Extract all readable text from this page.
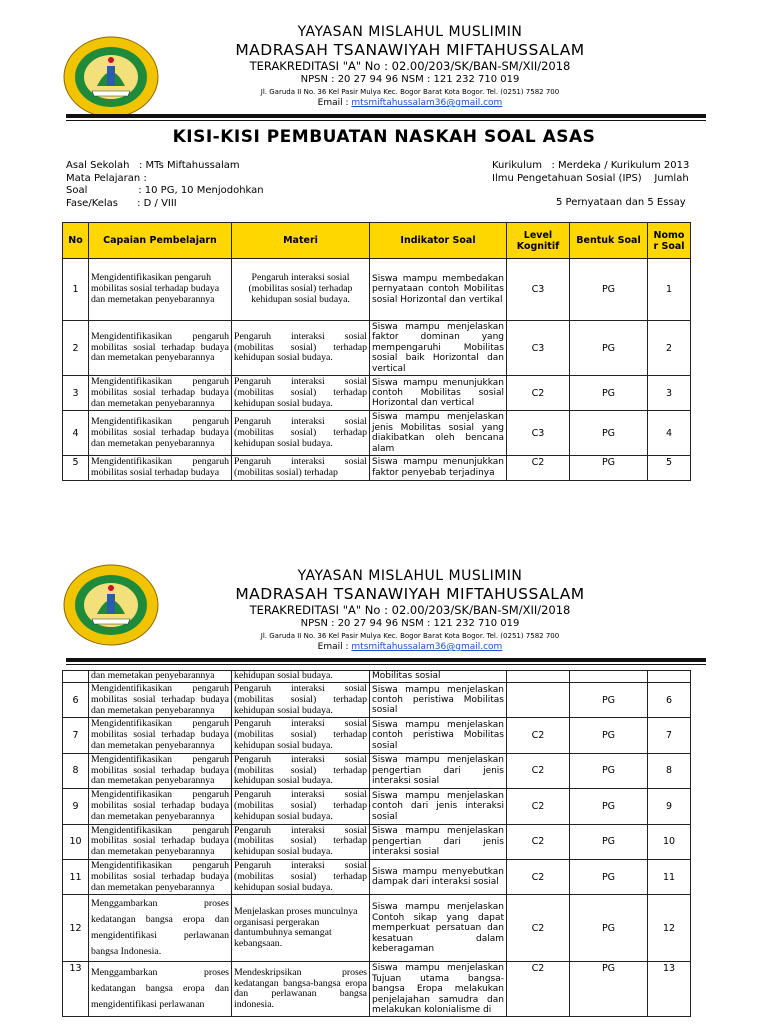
YAYASAN MISLAHUL MUSLIMIN
MADRASAH TSANAWIYAH MIFTAHUSSALAM
TERAKREDITASI "A" No : 02.00/203/SK/BAN-SM/XII/2018
NPSN : 20 27 94 96 NSM : 121 232 710 019
Jl. Garuda II No. 36 Kel Pasir Mulya Kec. Bogor Barat Kota Bogor. Tel. (0251) 7582 700
Email : mtsmiftahussalam36@gmail.com
KISI-KISI PEMBUATAN NASKAH SOAL ASAS
Asal Sekolah   : MTs Miftahussalam
Mata Pelajaran :
Soal                : 10 PG, 10 Menjodohkan
Fase/Kelas      : D / VIII
Kurikulum   : Merdeka / Kurikulum 2013
Ilmu Pengetahuan Sosial (IPS)    Jumlah
5 Pernyataan dan 5 Essay
No	Capaian Pembelajarn	Materi	Indikator Soal	Level Kognitif	Bentuk Soal	Nomo r Soal
1	Mengidentifikasikan pengaruh mobilitas sosial terhadap budaya dan memetakan penyebarannya	Pengaruh interaksi sosial (mobilitas sosial) terhadap kehidupan sosial budaya.	Siswa mampu membedakan pernyataan contoh Mobilitas sosial Horizontal dan vertikal	C3	PG	1
2	Mengidentifikasikan pengaruh mobilitas sosial terhadap budaya dan memetakan penyebarannya	Pengaruh interaksi sosial (mobilitas sosial) terhadap kehidupan sosial budaya.	Siswa mampu menjelaskan faktor dominan yang mempengaruhi Mobilitas sosial baik Horizontal dan vertical	C3	PG	2
3	Mengidentifikasikan pengaruh mobilitas sosial terhadap budaya dan memetakan penyebarannya	Pengaruh interaksi sosial (mobilitas sosial) terhadap kehidupan sosial budaya.	Siswa mampu menunjukkan contoh Mobilitas sosial Horizontal dan vertical	C2	PG	3
4	Mengidentifikasikan pengaruh mobilitas sosial terhadap budaya dan memetakan penyebarannya	Pengaruh interaksi sosial (mobilitas sosial) terhadap kehidupan sosial budaya.	Siswa mampu menjelaskan jenis Mobilitas sosial yang diakibatkan oleh bencana alam	C3	PG	4
5	Mengidentifikasikan pengaruh mobilitas sosial terhadap budaya	Pengaruh interaksi sosial (mobilitas sosial) terhadap	Siswa mampu menunjukkan faktor penyebab terjadinya	C2	PG	5
YAYASAN MISLAHUL MUSLIMIN
MADRASAH TSANAWIYAH MIFTAHUSSALAM
TERAKREDITASI "A" No : 02.00/203/SK/BAN-SM/XII/2018
NPSN : 20 27 94 96 NSM : 121 232 710 019
Jl. Garuda II No. 36 Kel Pasir Mulya Kec. Bogor Barat Kota Bogor. Tel. (0251) 7582 700
Email : mtsmiftahussalam36@gmail.com
	dan memetakan penyebarannya	kehidupan sosial budaya.	Mobilitas sosial			
6	Mengidentifikasikan pengaruh mobilitas sosial terhadap budaya dan memetakan penyebarannya	Pengaruh interaksi sosial (mobilitas sosial) terhadap kehidupan sosial budaya.	Siswa mampu menjelaskan contoh peristiwa Mobilitas sosial		PG	6
7	Mengidentifikasikan pengaruh mobilitas sosial terhadap budaya dan memetakan penyebarannya	Pengaruh interaksi sosial (mobilitas sosial) terhadap kehidupan sosial budaya.	Siswa mampu menjelaskan contoh peristiwa Mobilitas sosial	C2	PG	7
8	Mengidentifikasikan pengaruh mobilitas sosial terhadap budaya dan memetakan penyebarannya	Pengaruh interaksi sosial (mobilitas sosial) terhadap kehidupan sosial budaya.	Siswa mampu menjelaskan pengertian dari jenis interaksi sosial	C2	PG	8
9	Mengidentifikasikan pengaruh mobilitas sosial terhadap budaya dan memetakan penyebarannya	Pengaruh interaksi sosial (mobilitas sosial) terhadap kehidupan sosial budaya.	Siswa mampu menjelaskan contoh dari jenis interaksi sosial	C2	PG	9
10	Mengidentifikasikan pengaruh mobilitas sosial terhadap budaya dan memetakan penyebarannya	Pengaruh interaksi sosial (mobilitas sosial) terhadap kehidupan sosial budaya.	Siswa mampu menjelaskan pengertian dari jenis interaksi sosial	C2	PG	10
11	Mengidentifikasikan pengaruh mobilitas sosial terhadap budaya dan memetakan penyebarannya	Pengaruh interaksi sosial (mobilitas sosial) terhadap kehidupan sosial budaya.	Siswa mampu menyebutkan dampak dari interaksi sosial	C2	PG	11
12	Menggambarkan proses kedatangan bangsa eropa dan mengidentifikasi perlawanan bangsa Indonesia.	Menjelaskan proses munculnya organisasi pergerakan dantumbuhnya semangat kebangsaan.	Siswa mampu menjelaskan Contoh sikap yang dapat memperkuat persatuan dan kesatuan dalam keberagaman	C2	PG	12
13	Menggambarkan proses kedatangan bangsa eropa dan mengidentifikasi perlawanan	Mendeskripsikan proses kedatangan bangsa-bangsa eropa dan perlawanan bangsa indonesia.	Siswa mampu menjelaskan Tujuan utama bangsa-bangsa Eropa melakukan penjelajahan samudra dan melakukan kolonialisme di	C2	PG	13
